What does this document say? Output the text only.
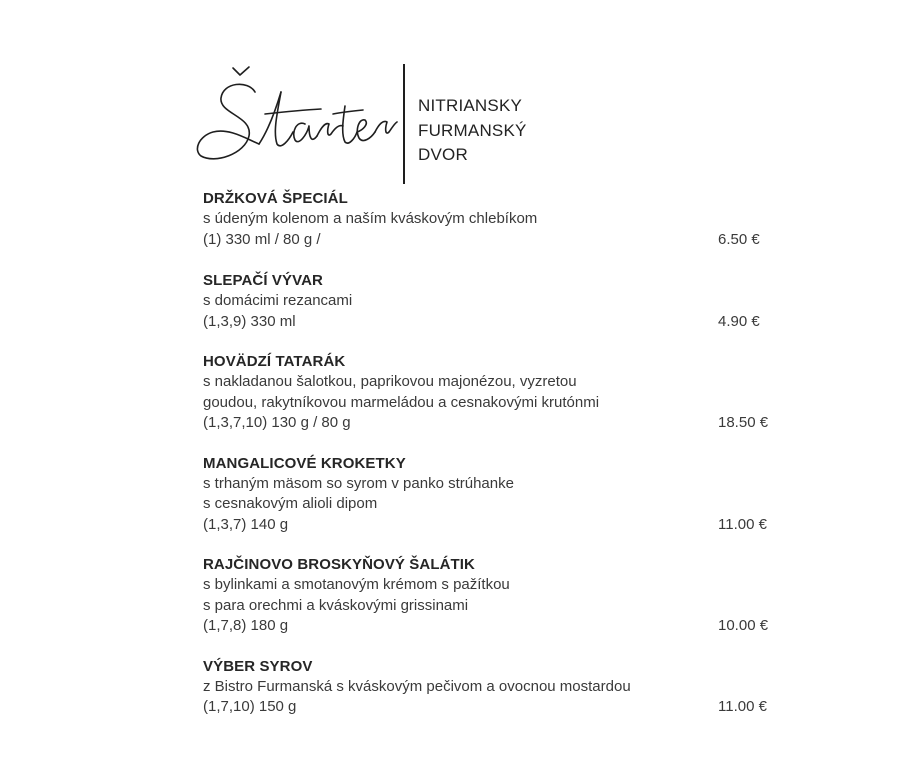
NITRIANSKY
FURMANSKÝ
DVOR
DRŽKOVÁ ŠPECIÁL
s údeným kolenom a naším kváskovým chlebíkom
(1) 330 ml / 80 g /	6.50 €
SLEPAČÍ VÝVAR
s domácimi rezancami
(1,3,9) 330 ml	4.90 €
HOVÄDZÍ TATARÁK
s nakladanou šalotkou, paprikovou majonézou, vyzretou
goudou, rakytníkovou marmeládou a cesnakovými krutónmi
(1,3,7,10) 130 g / 80 g	18.50 €
MANGALICOVÉ KROKETKY
s trhaným mäsom so syrom v panko strúhanke
s cesnakovým alioli dipom
(1,3,7) 140 g	11.00 €
RAJČINOVO BROSKYŇOVÝ ŠALÁTIK
s bylinkami a smotanovým krémom s pažítkou
s para orechmi a kváskovými grissinami
(1,7,8) 180 g	10.00 €
VÝBER SYROV
z Bistro Furmanská s kváskovým pečivom a ovocnou mostardou
(1,7,10) 150 g	11.00 €
